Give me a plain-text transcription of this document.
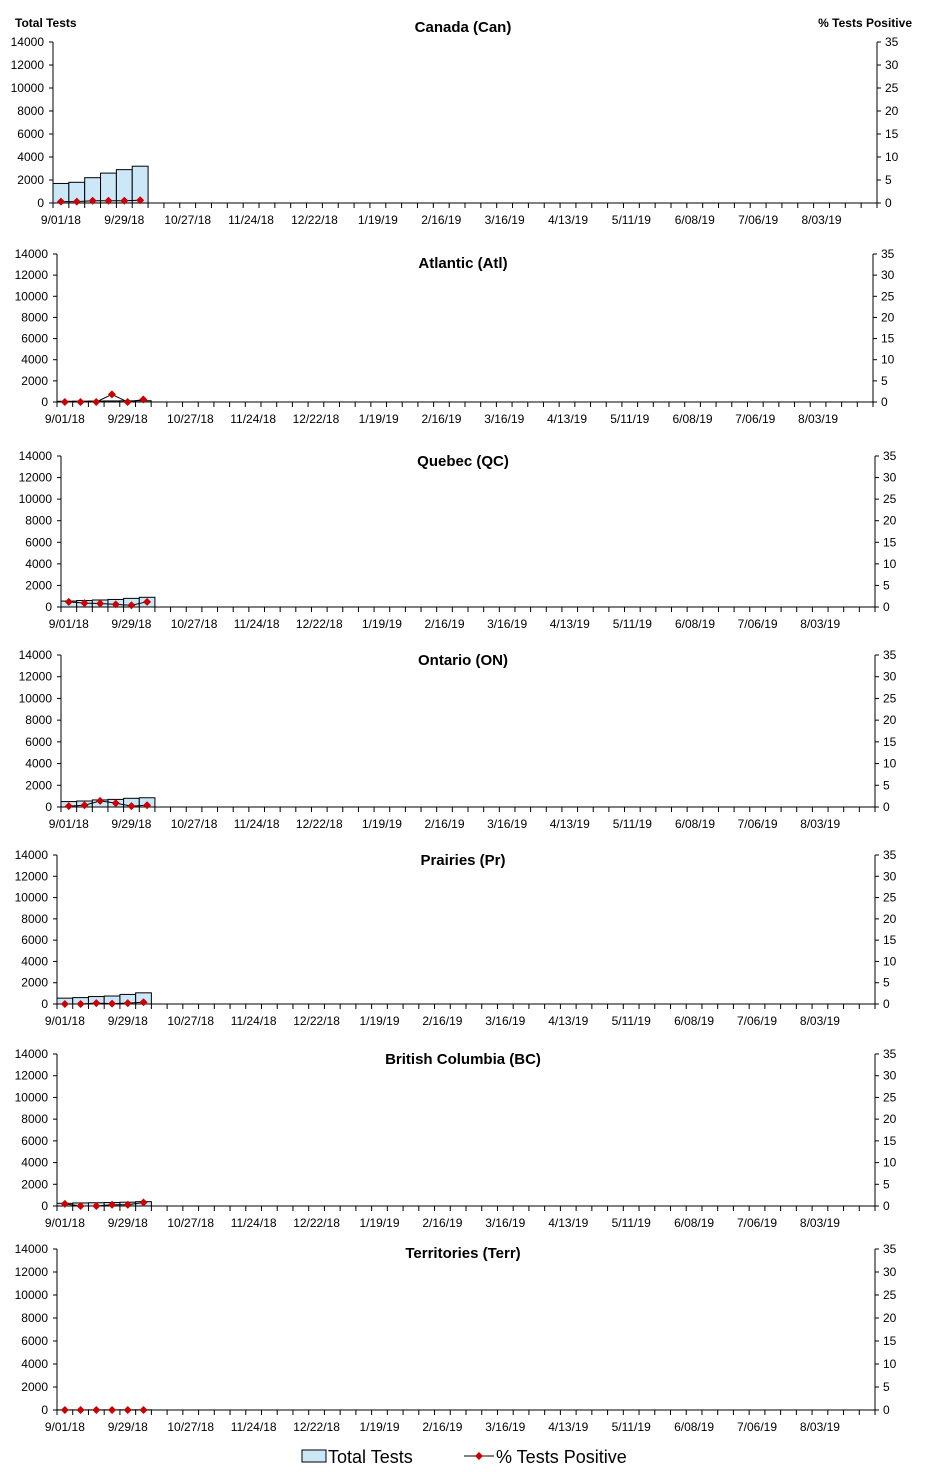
Total Tests	% Tests Positive
Canada (Can)
0
2000
4000
6000
8000
10000
12000
14000
0
5
10
15
20
25
30
35
9/01/18 9/29/18 10/27/18 11/24/18 12/22/18 1/19/19 2/16/19 3/16/19 4/13/19 5/11/19 6/08/19 7/06/19 8/03/19
Atlantic (Atl)
0
2000
4000
6000
8000
10000
12000
14000
0
5
10
15
20
25
30
35
9/01/18 9/29/18 10/27/18 11/24/18 12/22/18 1/19/19 2/16/19 3/16/19 4/13/19 5/11/19 6/08/19 7/06/19 8/03/19
Quebec (QC)
0
2000
4000
6000
8000
10000
12000
14000
0
5
10
15
20
25
30
35
9/01/18 9/29/18 10/27/18 11/24/18 12/22/18 1/19/19 2/16/19 3/16/19 4/13/19 5/11/19 6/08/19 7/06/19 8/03/19
Ontario (ON)
0
2000
4000
6000
8000
10000
12000
14000
0
5
10
15
20
25
30
35
9/01/18 9/29/18 10/27/18 11/24/18 12/22/18 1/19/19 2/16/19 3/16/19 4/13/19 5/11/19 6/08/19 7/06/19 8/03/19
Prairies (Pr)
0
2000
4000
6000
8000
10000
12000
14000
0
5
10
15
20
25
30
35
9/01/18 9/29/18 10/27/18 11/24/18 12/22/18 1/19/19 2/16/19 3/16/19 4/13/19 5/11/19 6/08/19 7/06/19 8/03/19
British Columbia (BC)
0
2000
4000
6000
8000
10000
12000
14000
0
5
10
15
20
25
30
35
9/01/18 9/29/18 10/27/18 11/24/18 12/22/18 1/19/19 2/16/19 3/16/19 4/13/19 5/11/19 6/08/19 7/06/19 8/03/19
Territories (Terr)
0
2000
4000
6000
8000
10000
12000
14000
0
5
10
15
20
25
30
35
9/01/18 9/29/18 10/27/18 11/24/18 12/22/18 1/19/19 2/16/19 3/16/19 4/13/19 5/11/19 6/08/19 7/06/19 8/03/19
Total Tests	% Tests Positive
